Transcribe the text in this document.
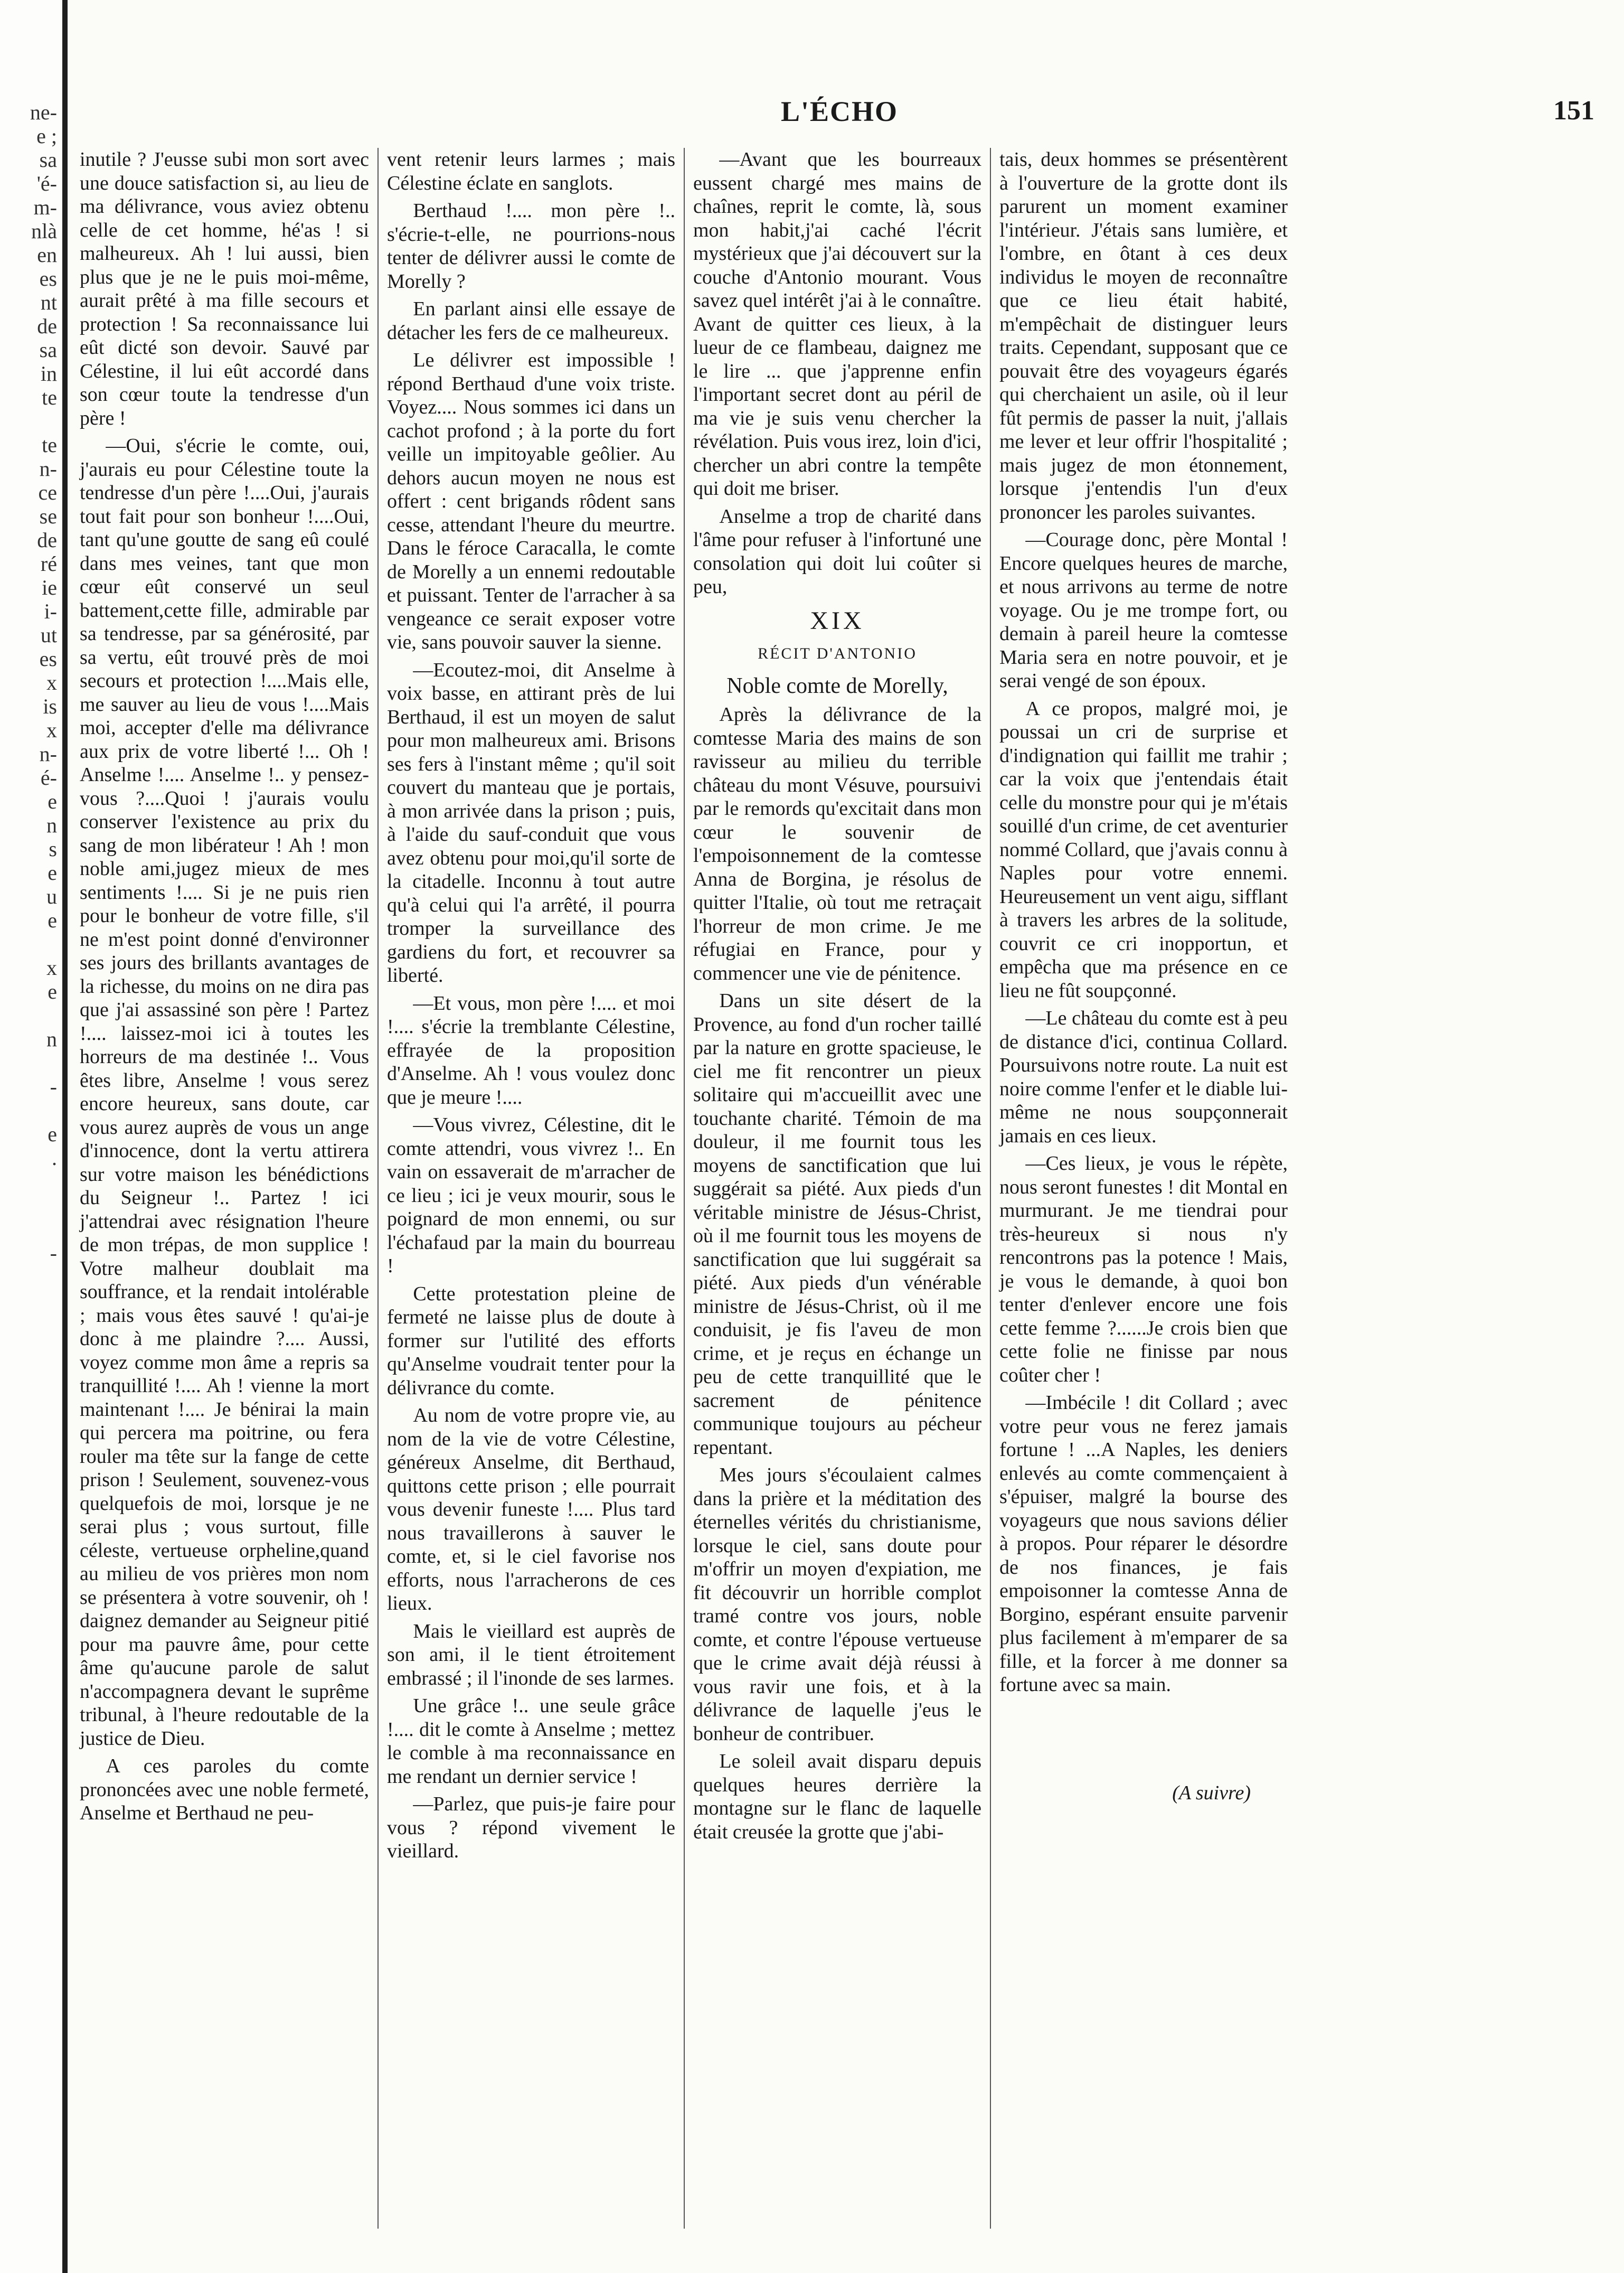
ne-
e ;
sa
'é-
m-
nlà
en
es
nt
de
sa
in
te

te
n-
ce
se
de
ré
ie
i-
ut
es
x
is
x
n-
é-
e
n
s
e
u
e

x
e

n

-

e
.

-
L'ÉCHO	151

inutile ? J'eusse subi mon sort avec une douce satisfaction si, au lieu de ma délivrance, vous aviez obtenu celle de cet homme, hé'as ! si malheureux. Ah ! lui aussi, bien plus que je ne le puis moi-même, aurait prêté à ma fille secours et protection ! Sa reconnaissance lui eût dicté son devoir. Sauvé par Célestine, il lui eût accordé dans son cœur toute la tendresse d'un père !

—Oui, s'écrie le comte, oui, j'aurais eu pour Célestine toute la tendresse d'un père !....Oui, j'aurais tout fait pour son bonheur !....Oui, tant qu'une goutte de sang eû coulé dans mes veines, tant que mon cœur eût conservé un seul battement,cette fille, admirable par sa tendresse, par sa générosité, par sa vertu, eût trouvé près de moi secours et protection !....Mais elle, me sauver au lieu de vous !....Mais moi, accepter d'elle ma délivrance aux prix de votre liberté !... Oh ! Anselme !.... Anselme !.. y pensez-vous ?....Quoi ! j'aurais voulu conserver l'existence au prix du sang de mon libérateur ! Ah ! mon noble ami,jugez mieux de mes sentiments !.... Si je ne puis rien pour le bonheur de votre fille, s'il ne m'est point donné d'environner ses jours des brillants avantages de la richesse, du moins on ne dira pas que j'ai assassiné son père ! Partez !.... laissez-moi ici à toutes les horreurs de ma destinée !.. Vous êtes libre, Anselme ! vous serez encore heureux, sans doute, car vous aurez auprès de vous un ange d'innocence, dont la vertu attirera sur votre maison les bénédictions du Seigneur !.. Partez ! ici j'attendrai avec résignation l'heure de mon trépas, de mon supplice ! Votre malheur doublait ma souffrance, et la rendait intolérable ; mais vous êtes sauvé ! qu'ai-je donc à me plaindre ?.... Aussi, voyez comme mon âme a repris sa tranquillité !.... Ah ! vienne la mort maintenant !.... Je bénirai la main qui percera ma poitrine, ou fera rouler ma tête sur la fange de cette prison ! Seulement, souvenez-vous quelquefois de moi, lorsque je ne serai plus ; vous surtout, fille céleste, vertueuse orpheline,quand au milieu de vos prières mon nom se présentera à votre souvenir, oh ! daignez demander au Seigneur pitié pour ma pauvre âme, pour cette âme qu'aucune parole de salut n'accompagnera devant le suprême tribunal, à l'heure redoutable de la justice de Dieu.

A ces paroles du comte prononcées avec une noble fermeté, Anselme et Berthaud ne peu-

vent retenir leurs larmes ; mais Célestine éclate en sanglots.

Berthaud !.... mon père !.. s'écrie-t-elle, ne pourrions-nous tenter de délivrer aussi le comte de Morelly ?

En parlant ainsi elle essaye de détacher les fers de ce malheureux.

Le délivrer est impossible ! répond Berthaud d'une voix triste. Voyez.... Nous sommes ici dans un cachot profond ; à la porte du fort veille un impitoyable geôlier. Au dehors aucun moyen ne nous est offert : cent brigands rôdent sans cesse, attendant l'heure du meurtre. Dans le féroce Caracalla, le comte de Morelly a un ennemi redoutable et puissant. Tenter de l'arracher à sa vengeance ce serait exposer votre vie, sans pouvoir sauver la sienne.

—Ecoutez-moi, dit Anselme à voix basse, en attirant près de lui Berthaud, il est un moyen de salut pour mon malheureux ami. Brisons ses fers à l'instant même ; qu'il soit couvert du manteau que je portais, à mon arrivée dans la prison ; puis, à l'aide du sauf-conduit que vous avez obtenu pour moi,qu'il sorte de la citadelle. Inconnu à tout autre qu'à celui qui l'a arrêté, il pourra tromper la surveillance des gardiens du fort, et recouvrer sa liberté.

—Et vous, mon père !.... et moi !.... s'écrie la tremblante Célestine, effrayée de la proposition d'Anselme. Ah ! vous voulez donc que je meure !....

—Vous vivrez, Célestine, dit le comte attendri, vous vivrez !.. En vain on essaverait de m'arracher de ce lieu ; ici je veux mourir, sous le poignard de mon ennemi, ou sur l'échafaud par la main du bourreau !

Cette protestation pleine de fermeté ne laisse plus de doute à former sur l'utilité des efforts qu'Anselme voudrait tenter pour la délivrance du comte.

Au nom de votre propre vie, au nom de la vie de votre Célestine, généreux Anselme, dit Berthaud, quittons cette prison ; elle pourrait vous devenir funeste !.... Plus tard nous travaillerons à sauver le comte, et, si le ciel favorise nos efforts, nous l'arracherons de ces lieux.

Mais le vieillard est auprès de son ami, il le tient étroitement embrassé ; il l'inonde de ses larmes.

Une grâce !.. une seule grâce !.... dit le comte à Anselme ; mettez le comble à ma reconnaissance en me rendant un dernier service !

—Parlez, que puis-je faire pour vous ? répond vivement le vieillard.

—Avant que les bourreaux eussent chargé mes mains de chaînes, reprit le comte, là, sous mon habit,j'ai caché l'écrit mystérieux que j'ai découvert sur la couche d'Antonio mourant. Vous savez quel intérêt j'ai à le connaître. Avant de quitter ces lieux, à la lueur de ce flambeau, daignez me le lire ... que j'apprenne enfin l'important secret dont au péril de ma vie je suis venu chercher la révélation. Puis vous irez, loin d'ici, chercher un abri contre la tempête qui doit me briser.

Anselme a trop de charité dans l'âme pour refuser à l'infortuné une consolation qui doit lui coûter si peu,

XIX
RÉCIT D'ANTONIO
Noble comte de Morelly,

Après la délivrance de la comtesse Maria des mains de son ravisseur au milieu du terrible château du mont Vésuve, poursuivi par le remords qu'excitait dans mon cœur le souvenir de l'empoisonnement de la comtesse Anna de Borgina, je résolus de quitter l'Italie, où tout me retraçait l'horreur de mon crime. Je me réfugiai en France, pour y commencer une vie de pénitence.

Dans un site désert de la Provence, au fond d'un rocher taillé par la nature en grotte spacieuse, le ciel me fit rencontrer un pieux solitaire qui m'accueillit avec une touchante charité. Témoin de ma douleur, il me fournit tous les moyens de sanctification que lui suggérait sa piété. Aux pieds d'un véritable ministre de Jésus-Christ, où il me fournit tous les moyens de sanctification que lui suggérait sa piété. Aux pieds d'un vénérable ministre de Jésus-Christ, où il me conduisit, je fis l'aveu de mon crime, et je reçus en échange un peu de cette tranquillité que le sacrement de pénitence communique toujours au pécheur repentant.

Mes jours s'écoulaient calmes dans la prière et la méditation des éternelles vérités du christianisme, lorsque le ciel, sans doute pour m'offrir un moyen d'expiation, me fit découvrir un horrible complot tramé contre vos jours, noble comte, et contre l'épouse vertueuse que le crime avait déjà réussi à vous ravir une fois, et à la délivrance de laquelle j'eus le bonheur de contribuer.

Le soleil avait disparu depuis quelques heures derrière la montagne sur le flanc de laquelle était creusée la grotte que j'abi-

tais, deux hommes se présentèrent à l'ouverture de la grotte dont ils parurent un moment examiner l'intérieur. J'étais sans lumière, et l'ombre, en ôtant à ces deux individus le moyen de reconnaître que ce lieu était habité, m'empêchait de distinguer leurs traits. Cependant, supposant que ce pouvait être des voyageurs égarés qui cherchaient un asile, où il leur fût permis de passer la nuit, j'allais me lever et leur offrir l'hospitalité ; mais jugez de mon étonnement, lorsque j'entendis l'un d'eux prononcer les paroles suivantes.

—Courage donc, père Montal ! Encore quelques heures de marche, et nous arrivons au terme de notre voyage. Ou je me trompe fort, ou demain à pareil heure la comtesse Maria sera en notre pouvoir, et je serai vengé de son époux.

A ce propos, malgré moi, je poussai un cri de surprise et d'indignation qui faillit me trahir ; car la voix que j'entendais était celle du monstre pour qui je m'étais souillé d'un crime, de cet aventurier nommé Collard, que j'avais connu à Naples pour votre ennemi. Heureusement un vent aigu, sifflant à travers les arbres de la solitude, couvrit ce cri inopportun, et empêcha que ma présence en ce lieu ne fût soupçonné.

—Le château du comte est à peu de distance d'ici, continua Collard. Poursuivons notre route. La nuit est noire comme l'enfer et le diable lui-même ne nous soupçonnerait jamais en ces lieux.

—Ces lieux, je vous le répète, nous seront funestes ! dit Montal en murmurant. Je me tiendrai pour très-heureux si nous n'y rencontrons pas la potence ! Mais, je vous le demande, à quoi bon tenter d'enlever encore une fois cette femme ?......Je crois bien que cette folie ne finisse par nous coûter cher !

—Imbécile ! dit Collard ; avec votre peur vous ne ferez jamais fortune ! ...A Naples, les deniers enlevés au comte commençaient à s'épuiser, malgré la bourse des voyageurs que nous savions délier à propos. Pour réparer le désordre de nos finances, je fais empoisonner la comtesse Anna de Borgino, espérant ensuite parvenir plus facilement à m'emparer de sa fille, et la forcer à me donner sa fortune avec sa main.

(A suivre)
